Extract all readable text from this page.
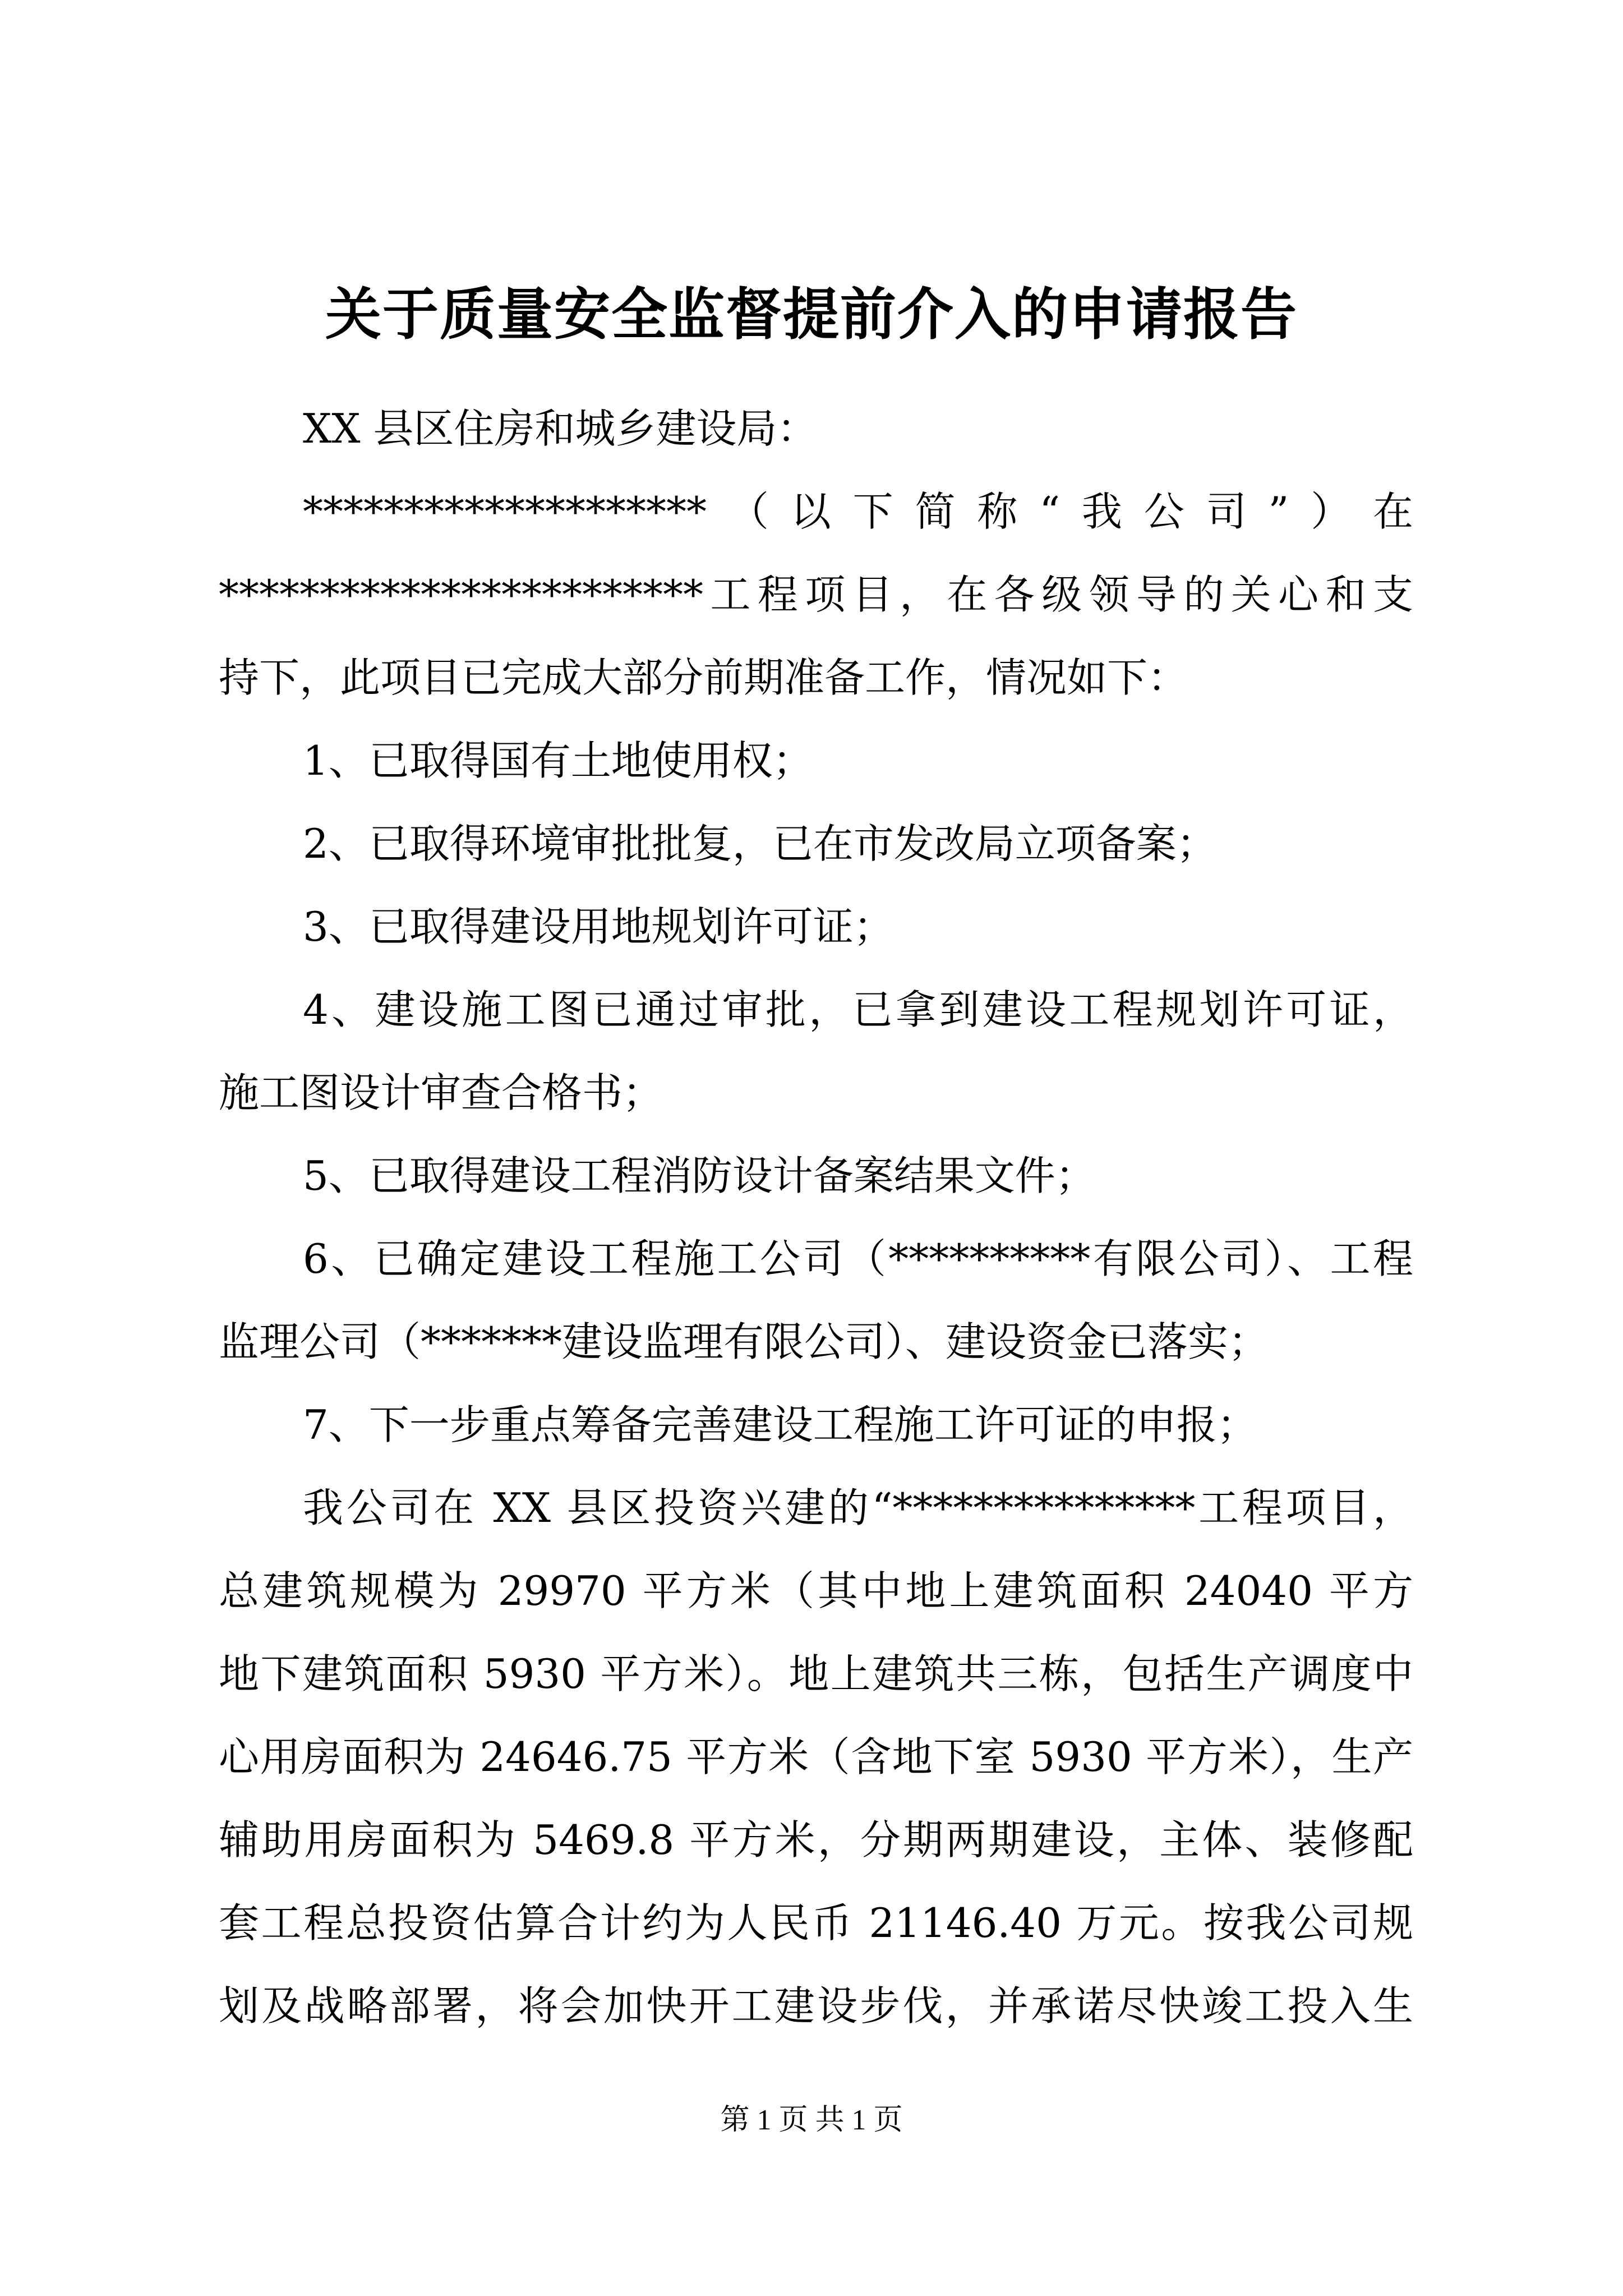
关于质量安全监督提前介入的申请报告
XX 县区住房和城乡建设局：
********************（以下简称“我公司”）在
************************工程项目，在各级领导的关心和支
持下，此项目已完成大部分前期准备工作，情况如下：
1、已取得国有土地使用权；
2、已取得环境审批批复，已在市发改局立项备案；
3、已取得建设用地规划许可证；
4、建设施工图已通过审批，已拿到建设工程规划许可证，
施工图设计审查合格书；
5、已取得建设工程消防设计备案结果文件；
6、已确定建设工程施工公司（**********有限公司）、工程
监理公司（*******建设监理有限公司）、建设资金已落实；
7、下一步重点筹备完善建设工程施工许可证的申报；
我公司在 XX 县区投资兴建的“***************工程项目，
总建筑规模为 29970 平方米（其中地上建筑面积 24040 平方
地下建筑面积 5930 平方米）。地上建筑共三栋，包括生产调度中
心用房面积为 24646.75 平方米（含地下室 5930 平方米），生产
辅助用房面积为 5469.8 平方米，分期两期建设，主体、装修配
套工程总投资估算合计约为人民币 21146.40 万元。按我公司规
划及战略部署，将会加快开工建设步伐，并承诺尽快竣工投入生
第 1 页 共 1 页
